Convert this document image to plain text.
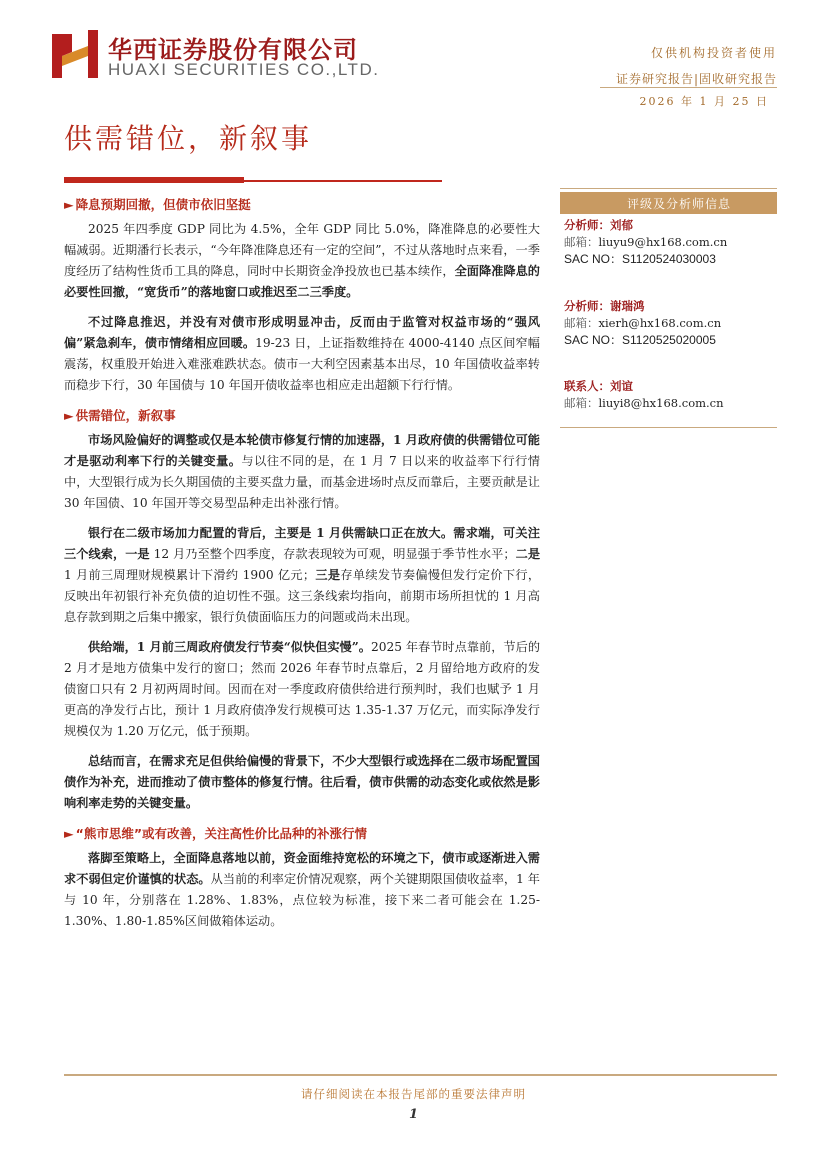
华西证券股份有限公司
HUAXI SECURITIES CO.,LTD.
仅供机构投资者使用
证券研究报告|固收研究报告
2026 年 1 月 25 日
供需错位，新叙事
► 降息预期回撤，但债市依旧坚挺

2025 年四季度 GDP 同比为 4.5%，全年 GDP 同比 5.0%，降准降息的必要性大幅减弱。近期潘行长表示，“今年降准降息还有一定的空间”，不过从落地时点来看，一季度经历了结构性货币工具的降息，同时中长期资金净投放也已基本续作，全面降准降息的必要性回撤，“宽货币”的落地窗口或推迟至二三季度。

不过降息推迟，并没有对债市形成明显冲击，反而由于监管对权益市场的“强风偏”紧急刹车，债市情绪相应回暖。19-23 日，上证指数维持在 4000-4140 点区间窄幅震荡，权重股开始进入难涨难跌状态。债市一大利空因素基本出尽，10 年国债收益率转而稳步下行，30 年国债与 10 年国开债收益率也相应走出超额下行行情。

► 供需错位，新叙事

市场风险偏好的调整或仅是本轮债市修复行情的加速器，1 月政府债的供需错位可能才是驱动利率下行的关键变量。与以往不同的是，在 1 月 7 日以来的收益率下行行情中，大型银行成为长久期国债的主要买盘力量，而基金进场时点反而靠后，主要贡献是让 30 年国债、10 年国开等交易型品种走出补涨行情。

银行在二级市场加力配置的背后，主要是 1 月供需缺口正在放大。需求端，可关注三个线索，一是 12 月乃至整个四季度，存款表现较为可观，明显强于季节性水平；二是 1 月前三周理财规模累计下滑约 1900 亿元；三是存单续发节奏偏慢但发行定价下行，反映出年初银行补充负债的迫切性不强。这三条线索均指向，前期市场所担忧的 1 月高息存款到期之后集中搬家，银行负债面临压力的问题或尚未出现。

供给端，1 月前三周政府债发行节奏“似快但实慢”。2025 年春节时点靠前，节后的 2 月才是地方债集中发行的窗口；然而 2026 年春节时点靠后，2 月留给地方政府的发债窗口只有 2 月初两周时间。因而在对一季度政府债供给进行预判时，我们也赋予 1 月更高的净发行占比，预计 1 月政府债净发行规模可达 1.35-1.37 万亿元，而实际净发行规模仅为 1.20 万亿元，低于预期。

总结而言，在需求充足但供给偏慢的背景下，不少大型银行或选择在二级市场配置国债作为补充，进而推动了债市整体的修复行情。往后看，债市供需的动态变化或依然是影响利率走势的关键变量。

► “熊市思维”或有改善，关注高性价比品种的补涨行情

落脚至策略上，全面降息落地以前，资金面维持宽松的环境之下，债市或逐渐进入需求不弱但定价谨慎的状态。从当前的利率定价情况观察，两个关键期限国债收益率，1 年与 10 年，分别落在 1.28%、1.83%，点位较为标准，接下来二者可能会在 1.25-1.30%、1.80-1.85%区间做箱体运动。

评级及分析师信息
分析师：刘郁
邮箱：liuyu9@hx168.com.cn
SAC NO：S1120524030003
分析师：谢瑞鸿
邮箱：xierh@hx168.com.cn
SAC NO：S1120525020005
联系人：刘谊
邮箱：liuyi8@hx168.com.cn
请仔细阅读在本报告尾部的重要法律声明
1
